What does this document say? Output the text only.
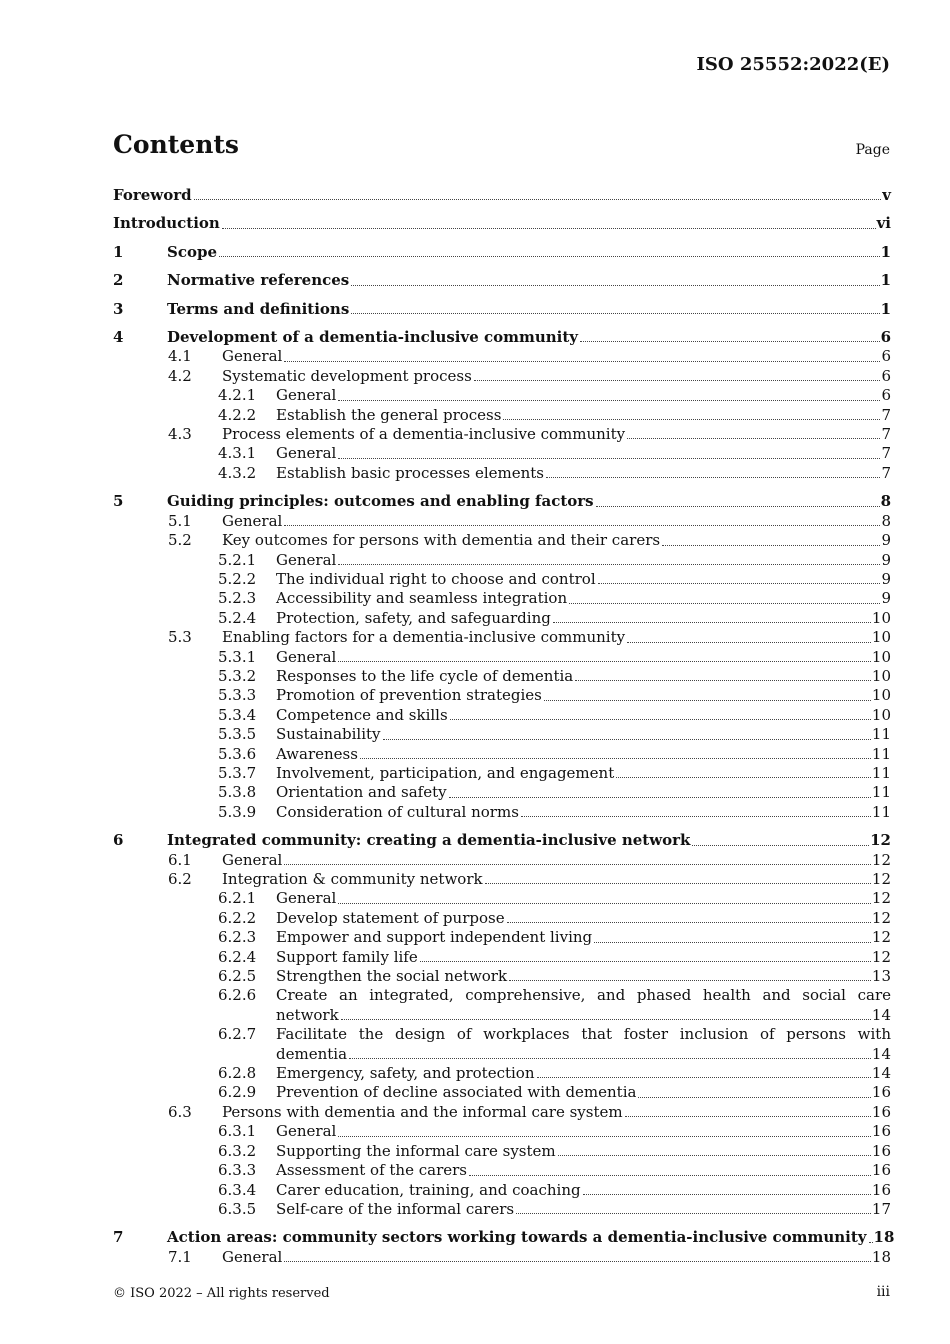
ISO 25552:2022(E)
Contents	Page
Foreword	v
Introduction	vi
1	Scope	1
2	Normative references	1
3	Terms and definitions	1
4	Development of a dementia-inclusive community	6
4.1	General	6
4.2	Systematic development process	6
4.2.1	General	6
4.2.2	Establish the general process	7
4.3	Process elements of a dementia-inclusive community	7
4.3.1	General	7
4.3.2	Establish basic processes elements	7
5	Guiding principles: outcomes and enabling factors	8
5.1	General	8
5.2	Key outcomes for persons with dementia and their carers	9
5.2.1	General	9
5.2.2	The individual right to choose and control	9
5.2.3	Accessibility and seamless integration	9
5.2.4	Protection, safety, and safeguarding	10
5.3	Enabling factors for a dementia-inclusive community	10
5.3.1	General	10
5.3.2	Responses to the life cycle of dementia	10
5.3.3	Promotion of prevention strategies	10
5.3.4	Competence and skills	10
5.3.5	Sustainability	11
5.3.6	Awareness	11
5.3.7	Involvement, participation, and engagement	11
5.3.8	Orientation and safety	11
5.3.9	Consideration of cultural norms	11
6	Integrated community: creating a dementia-inclusive network	12
6.1	General	12
6.2	Integration & community network	12
6.2.1	General	12
6.2.2	Develop statement of purpose	12
6.2.3	Empower and support independent living	12
6.2.4	Support family life	12
6.2.5	Strengthen the social network	13
6.2.6	Create an integrated, comprehensive, and phased health and social care
network	14
6.2.7	Facilitate the design of workplaces that foster inclusion of persons with
dementia	14
6.2.8	Emergency, safety, and protection	14
6.2.9	Prevention of decline associated with dementia	16
6.3	Persons with dementia and the informal care system	16
6.3.1	General	16
6.3.2	Supporting the informal care system	16
6.3.3	Assessment of the carers	16
6.3.4	Carer education, training, and coaching	16
6.3.5	Self-care of the informal carers	17
7	Action areas: community sectors working towards a dementia-inclusive community 18
7.1	General	18
© ISO 2022 – All rights reserved	iii
